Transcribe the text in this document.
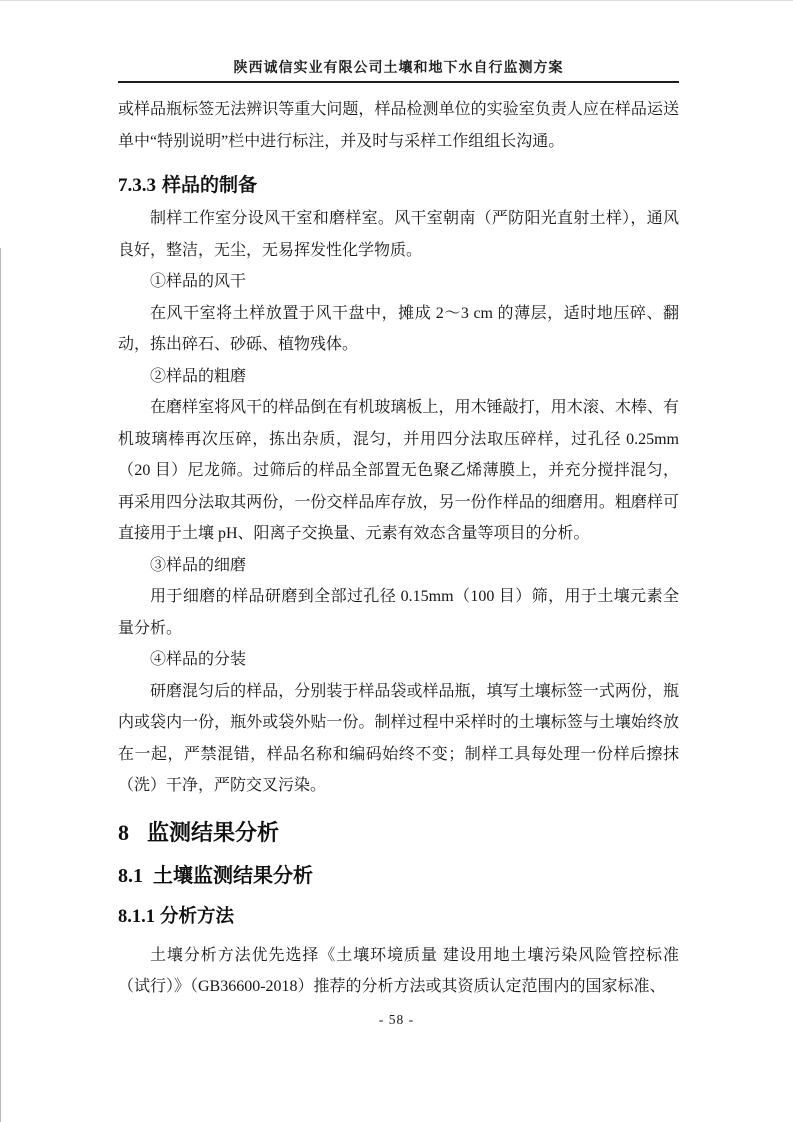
陕西诚信实业有限公司土壤和地下水自行监测方案

或样品瓶标签无法辨识等重大问题，样品检测单位的实验室负责人应在样品运送单中“特别说明”栏中进行标注，并及时与采样工作组组长沟通。

7.3.3 样品的制备

制样工作室分设风干室和磨样室。风干室朝南（严防阳光直射土样），通风良好，整洁，无尘，无易挥发性化学物质。

①样品的风干

在风干室将土样放置于风干盘中，摊成 2～3 cm 的薄层，适时地压碎、翻动，拣出碎石、砂砾、植物残体。

②样品的粗磨

在磨样室将风干的样品倒在有机玻璃板上，用木锤敲打，用木滚、木棒、有机玻璃棒再次压碎，拣出杂质，混匀，并用四分法取压碎样，过孔径 0.25mm（20 目）尼龙筛。过筛后的样品全部置无色聚乙烯薄膜上，并充分搅拌混匀，再采用四分法取其两份，一份交样品库存放，另一份作样品的细磨用。粗磨样可直接用于土壤 pH、阳离子交换量、元素有效态含量等项目的分析。

③样品的细磨

用于细磨的样品研磨到全部过孔径 0.15mm（100 目）筛，用于土壤元素全量分析。

④样品的分装

研磨混匀后的样品，分别装于样品袋或样品瓶，填写土壤标签一式两份，瓶内或袋内一份，瓶外或袋外贴一份。制样过程中采样时的土壤标签与土壤始终放在一起，严禁混错，样品名称和编码始终不变；制样工具每处理一份样后擦抹（洗）干净，严防交叉污染。

8 监测结果分析
8.1 土壤监测结果分析
8.1.1 分析方法

土壤分析方法优先选择《土壤环境质量 建设用地土壤污染风险管控标准（试行）》（GB36600-2018）推荐的分析方法或其资质认定范围内的国家标准、

- 58 -
